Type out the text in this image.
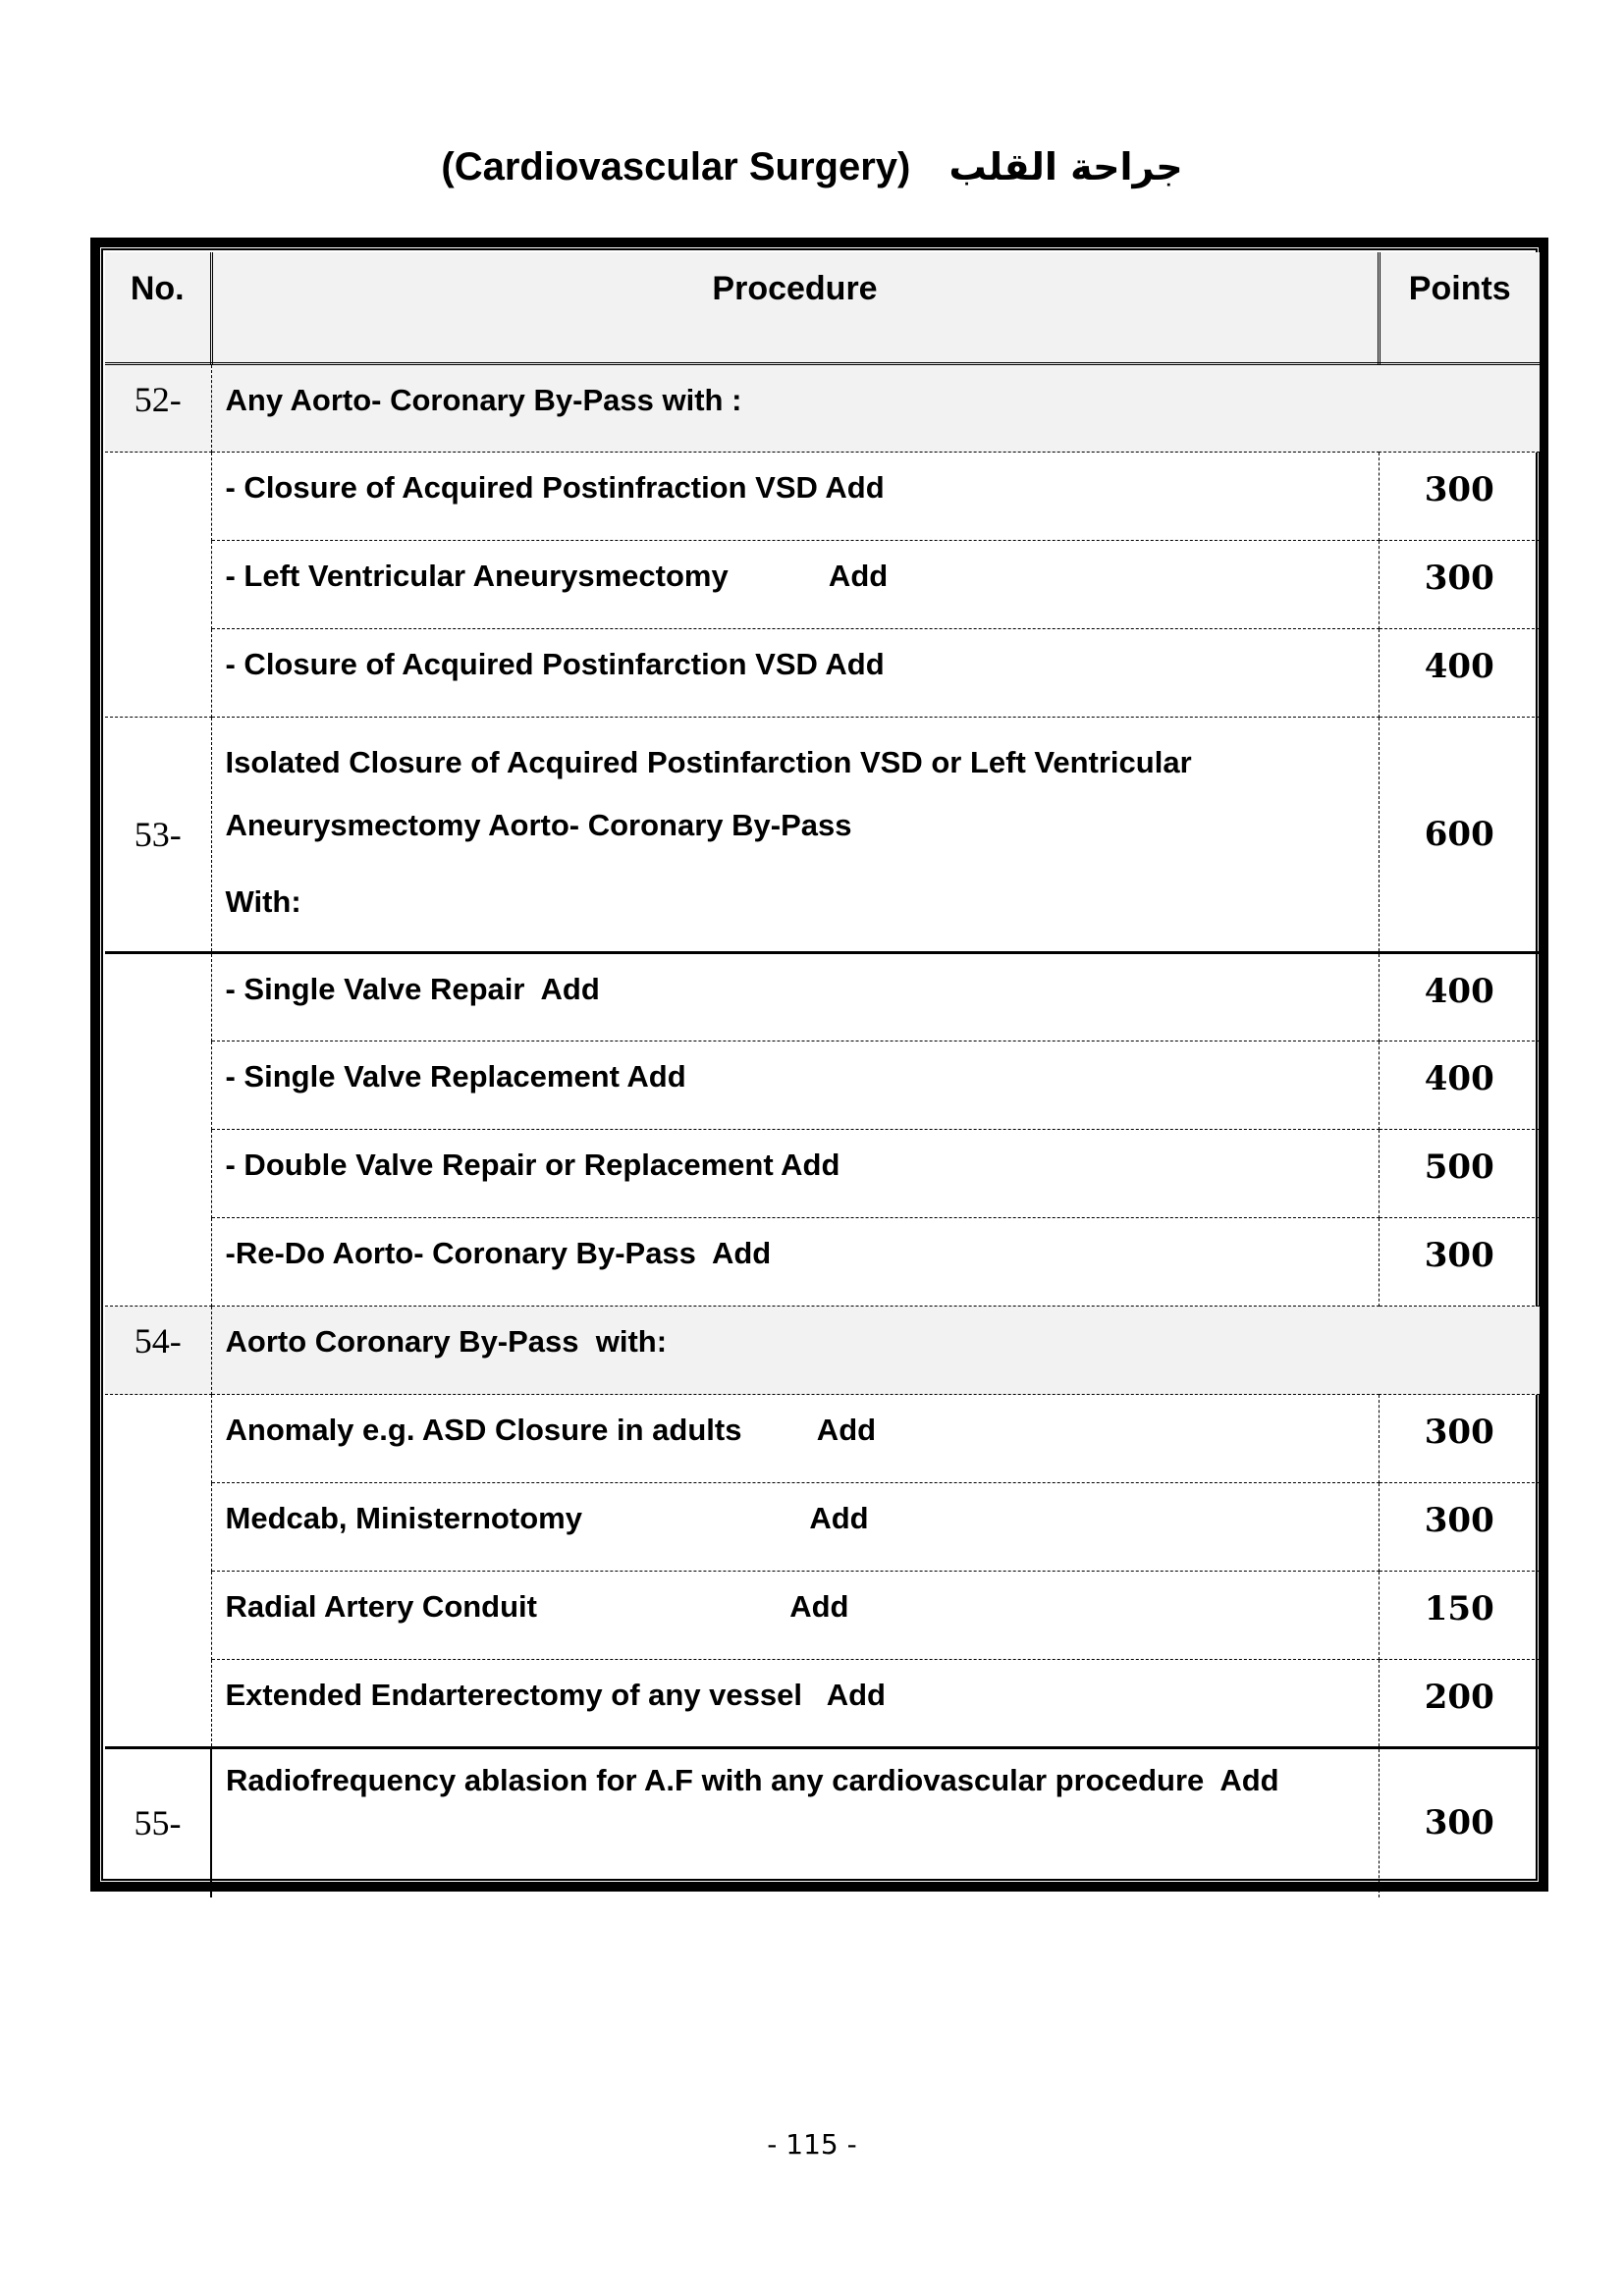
(Cardiovascular Surgery) جراحة القلب
No.	Procedure	Points
52-	Any Aorto- Coronary By-Pass with :	
	- Closure of Acquired Postinfraction VSD Add	300
	- Left Ventricular Aneurysmectomy            Add	300
	- Closure of Acquired Postinfarction VSD Add	400
53-	Isolated Closure of Acquired Postinfarction VSD or Left Ventricular
Aneurysmectomy Aorto- Coronary By-Pass
With:	600
	- Single Valve Repair  Add	400
	- Single Valve Replacement Add	400
	- Double Valve Repair or Replacement Add	500
	-Re-Do Aorto- Coronary By-Pass  Add	300
54-	Aorto Coronary By-Pass  with:	
	Anomaly e.g. ASD Closure in adults         Add	300
	Medcab, Ministernotomy                           Add	300
	Radial Artery Conduit                              Add	150
	Extended Endarterectomy of any vessel   Add	200
55-	Radiofrequency ablasion for A.F with any cardiovascular procedure  Add	300
- 115 -
